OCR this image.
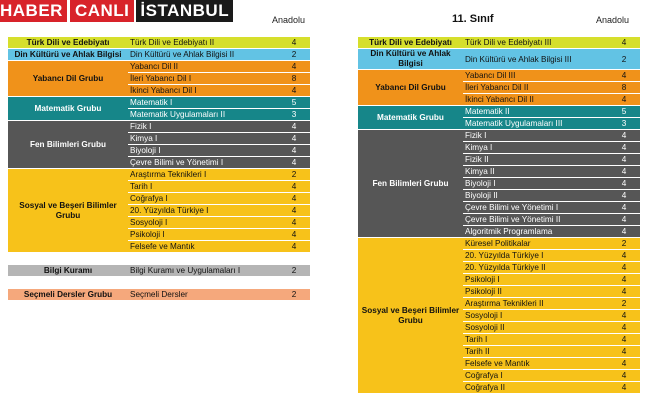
HABER CANLI İSTANBUL	Anadolu	11. Sınıf	Anadolu
Türk Dili ve Edebiyatı	Türk Dili ve Edebiyatı II	4
Din Kültürü ve Ahlak Bilgisi	Din Kültürü ve Ahlak Bilgisi II	2
Yabancı Dil Grubu	Yabancı Dil II	4
	İleri Yabancı Dil I	8
	İkinci Yabancı Dil I	4
Matematik Grubu	Matematik I	5
	Matematik Uygulamaları II	3
Fen Bilimleri Grubu	Fizik I	4
	Kimya I	4
	Biyoloji I	4
	Çevre Bilimi ve Yönetimi I	4
Sosyal ve Beşeri Bilimler Grubu	Araştırma Teknikleri I	2
	Tarih I	4
	Coğrafya I	4
	20. Yüzyılda Türkiye I	4
	Sosyoloji I	4
	Psikoloji I	4
	Felsefe ve Mantık	4

Bilgi Kuramı	Bilgi Kuramı ve Uygulamaları I	2

Seçmeli Dersler Grubu	Seçmeli Dersler	2
Türk Dili ve Edebiyatı	Türk Dili ve Edebiyatı III	4
Din Kültürü ve Ahlak Bilgisi	Din Kültürü ve Ahlak Bilgisi III	2
Yabancı Dil Grubu	Yabancı Dil III	4
	İleri Yabancı Dil II	8
	İkinci Yabancı Dil II	4
Matematik Grubu	Matematik II	5
	Matematik Uygulamaları III	3
Fen Bilimleri Grubu	Fizik I	4
	Kimya I	4
	Fizik II	4
	Kimya II	4
	Biyoloji I	4
	Biyoloji II	4
	Çevre Bilimi ve Yönetimi I	4
	Çevre Bilimi ve Yönetimi II	4
	Algoritmik Programlama	4
Sosyal ve Beşeri Bilimler Grubu	Küresel Politikalar	2
	20. Yüzyılda Türkiye I	4
	20. Yüzyılda Türkiye II	4
	Psikoloji I	4
	Psikoloji II	4
	Araştırma Teknikleri II	2
	Sosyoloji I	4
	Sosyoloji II	4
	Tarih I	4
	Tarih II	4
	Felsefe ve Mantık	4
	Coğrafya I	4
	Coğrafya II	4
